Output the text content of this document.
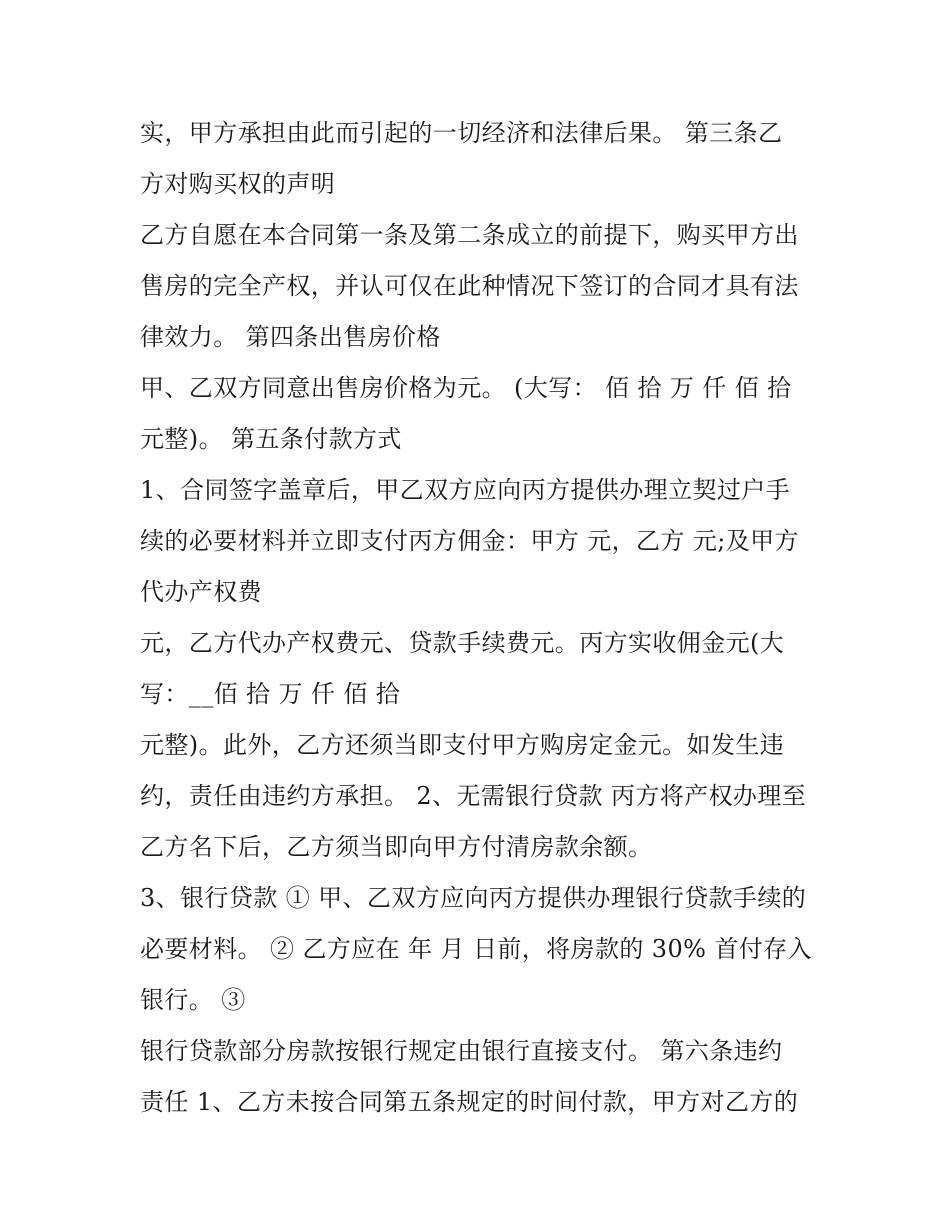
实，甲方承担由此而引起的一切经济和法律后果。 第三条乙
方对购买权的声明
乙方自愿在本合同第一条及第二条成立的前提下，购买甲方出
售房的完全产权，并认可仅在此种情况下签订的合同才具有法
律效力。 第四条出售房价格
甲、乙双方同意出售房价格为元。 (大写： 佰 拾 万 仟 佰 拾
元整)。 第五条付款方式
1、合同签字盖章后，甲乙双方应向丙方提供办理立契过户手
续的必要材料并立即支付丙方佣金：甲方 元，乙方 元;及甲方
代办产权费
元，乙方代办产权费元、贷款手续费元。丙方实收佣金元(大
写：__佰 拾 万 仟 佰 拾
元整)。此外，乙方还须当即支付甲方购房定金元。如发生违
约，责任由违约方承担。 2、无需银行贷款 丙方将产权办理至
乙方名下后，乙方须当即向甲方付清房款余额。
3、银行贷款 ① 甲、乙双方应向丙方提供办理银行贷款手续的
必要材料。 ② 乙方应在 年 月 日前，将房款的 30% 首付存入
银行。 ③
银行贷款部分房款按银行规定由银行直接支付。 第六条违约
责任 1、乙方未按合同第五条规定的时间付款，甲方对乙方的
